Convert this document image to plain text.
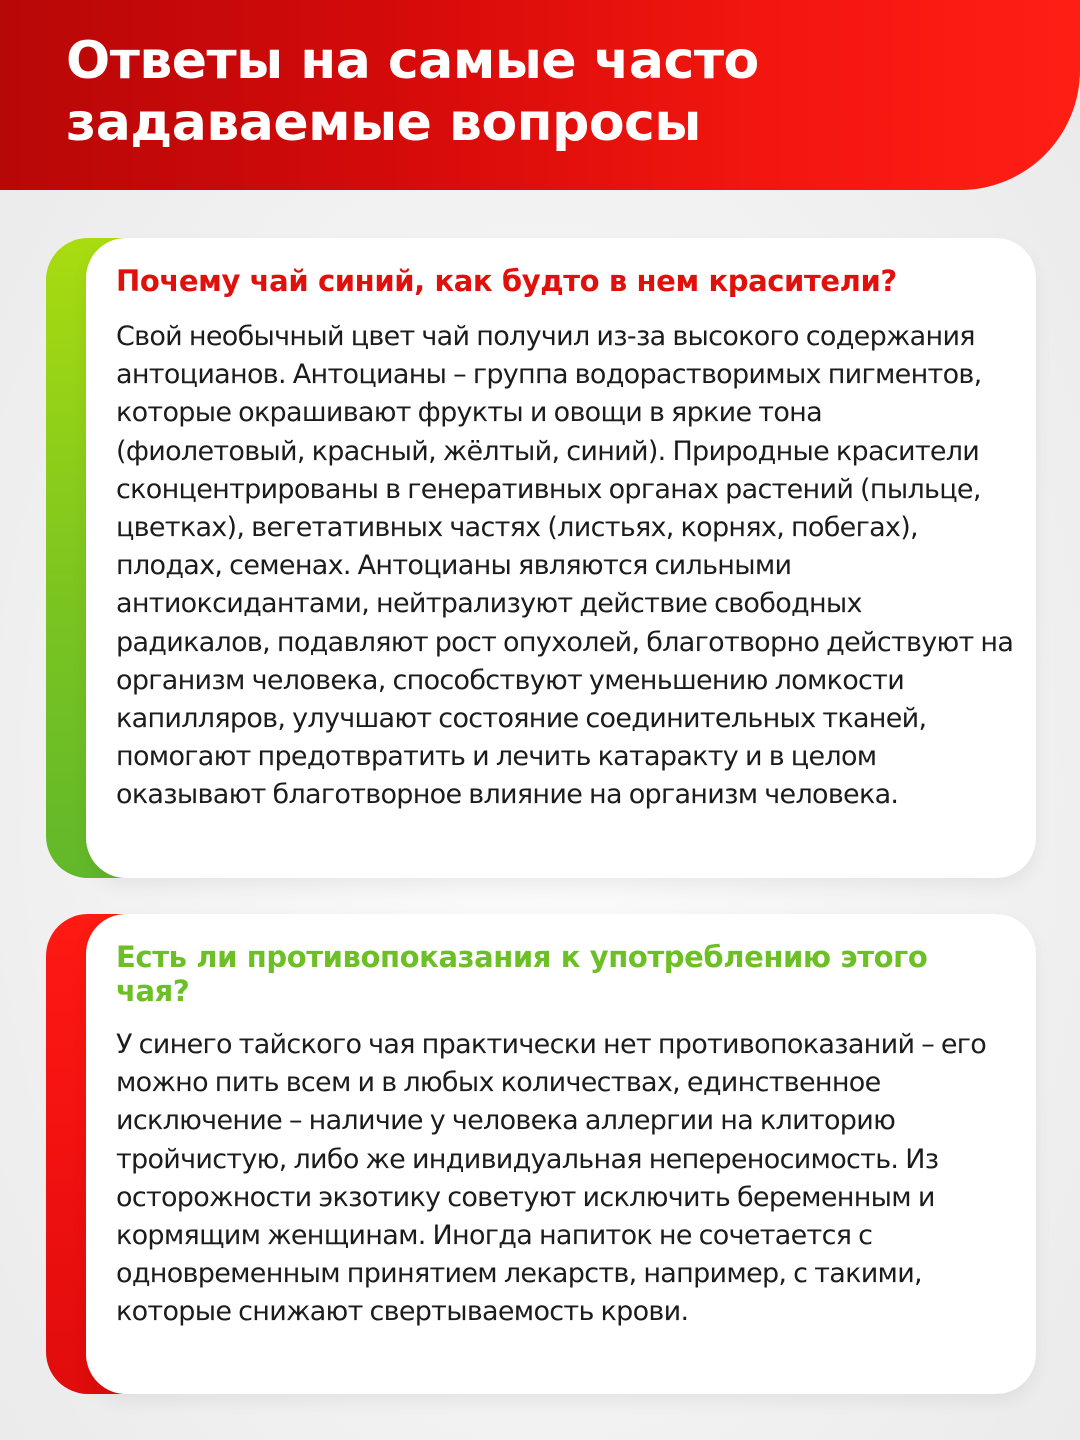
Ответы на самые часто задаваемые вопросы
Почему чай синий, как будто в нем красители?

Свой необычный цвет чай получил из-за высокого содержания антоцианов. Антоцианы – группа водорастворимых пигментов, которые окрашивают фрукты и овощи в яркие тона (фиолетовый, красный, жёлтый, синий). Природные красители сконцентрированы в генеративных органах растений (пыльце, цветках), вегетативных частях (листьях, корнях, побегах), плодах, семенах. Антоцианы являются сильными антиоксидантами, нейтрализуют действие свободных радикалов, подавляют рост опухолей, благотворно действуют на организм человека, способствуют уменьшению ломкости капилляров, улучшают состояние соединительных тканей, помогают предотвратить и лечить катаракту и в целом оказывают благотворное влияние на организм человека.

Есть ли противопоказания к употреблению этого чая?

У синего тайского чая практически нет противопоказаний – его можно пить всем и в любых количествах, единственное исключение – наличие у человека аллергии на клиторию тройчистую, либо же индивидуальная непереносимость. Из осторожности экзотику советуют исключить беременным и кормящим женщинам. Иногда напиток не сочетается с одновременным принятием лекарств, например, с такими, которые снижают свертываемость крови.
